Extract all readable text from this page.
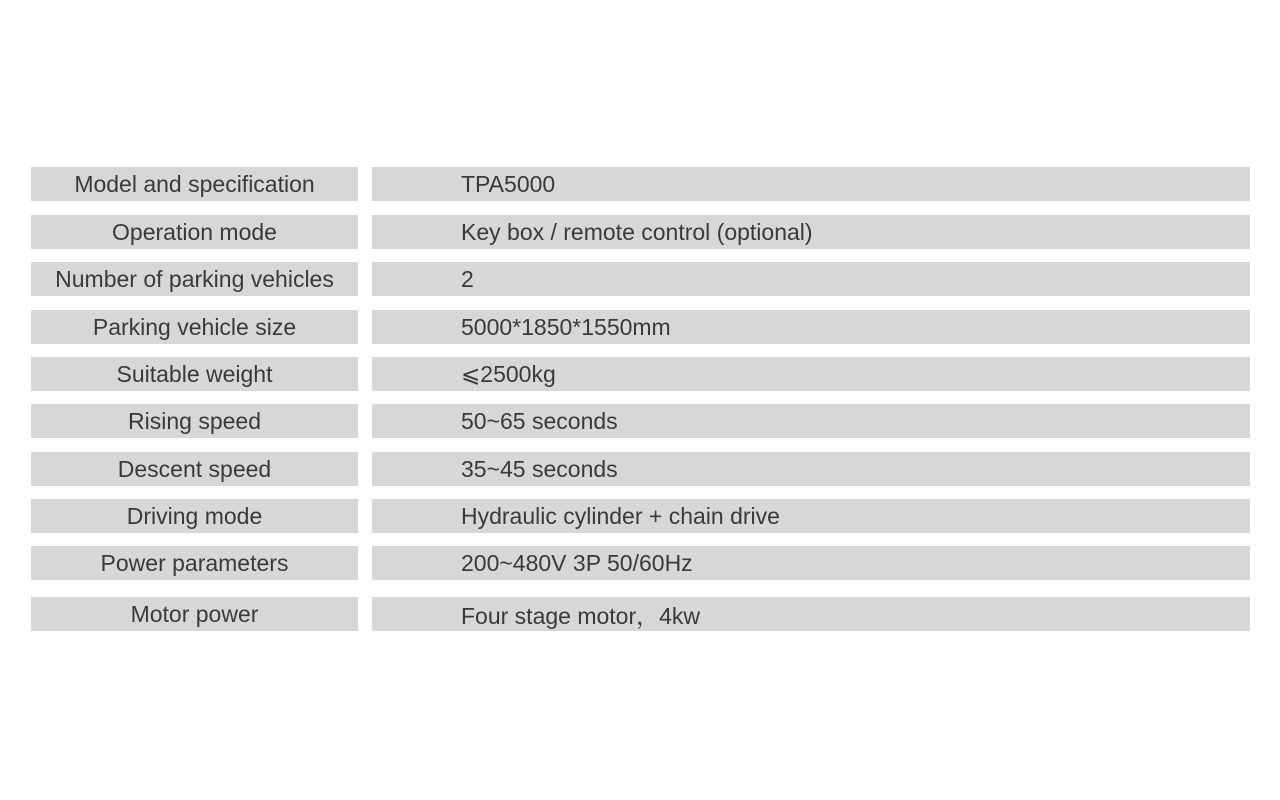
Model and specification	TPA5000
Operation mode	Key box / remote control (optional)
Number of parking vehicles	2
Parking vehicle size	5000*1850*1550mm
Suitable weight	⩽2500kg
Rising speed	50~65 seconds
Descent speed	35~45 seconds
Driving mode	Hydraulic cylinder + chain drive
Power parameters	200~480V 3P 50/60Hz
Motor power	Four stage motor，4kw
